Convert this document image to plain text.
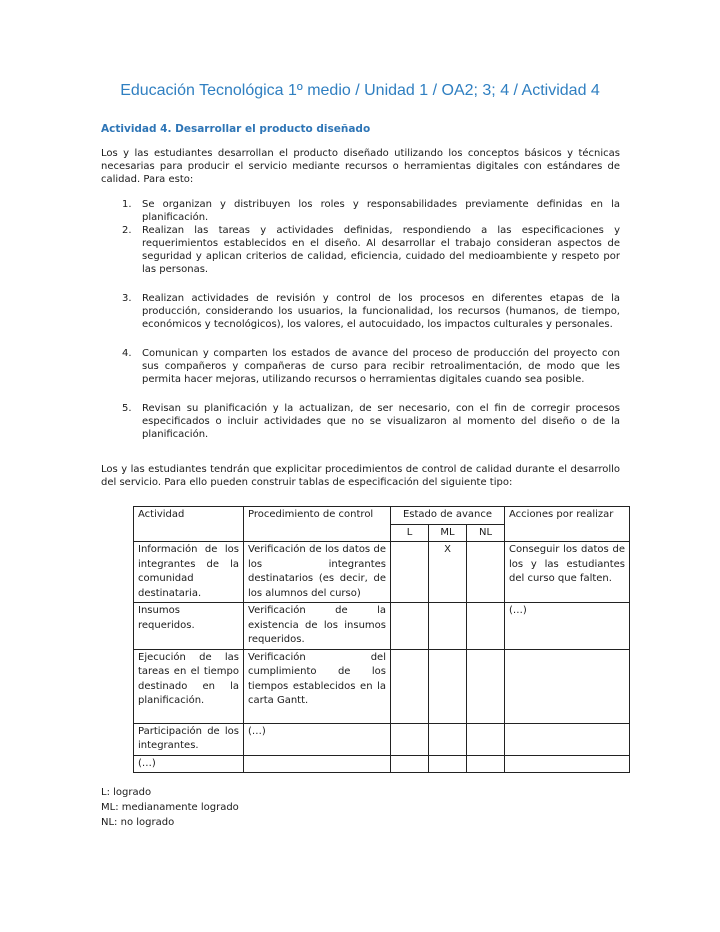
Educación Tecnológica 1º medio / Unidad 1 / OA2; 3; 4 / Actividad 4
Actividad 4. Desarrollar el producto diseñado

Los y las estudiantes desarrollan el producto diseñado utilizando los conceptos básicos y técnicas necesarias para producir el servicio mediante recursos o herramientas digitales con estándares de calidad. Para esto:

1. Se organizan y distribuyen los roles y responsabilidades previamente definidas en la planificación.
2. Realizan las tareas y actividades definidas, respondiendo a las especificaciones y requerimientos establecidos en el diseño. Al desarrollar el trabajo consideran aspectos de seguridad y aplican criterios de calidad, eficiencia, cuidado del medioambiente y respeto por las personas.
3. Realizan actividades de revisión y control de los procesos en diferentes etapas de la producción, considerando los usuarios, la funcionalidad, los recursos (humanos, de tiempo, económicos y tecnológicos), los valores, el autocuidado, los impactos culturales y personales.
4. Comunican y comparten los estados de avance del proceso de producción del proyecto con sus compañeros y compañeras de curso para recibir retroalimentación, de modo que les permita hacer mejoras, utilizando recursos o herramientas digitales cuando sea posible.
5. Revisan su planificación y la actualizan, de ser necesario, con el fin de corregir procesos especificados o incluir actividades que no se visualizaron al momento del diseño o de la planificación.

Los y las estudiantes tendrán que explicitar procedimientos de control de calidad durante el desarrollo del servicio. Para ello pueden construir tablas de especificación del siguiente tipo:

Actividad	Procedimiento de control	Estado de avance			Acciones por realizar
		L	ML	NL	
Información de los integrantes de la comunidad destinataria.	Verificación de los datos de los integrantes destinatarios (es decir, de los alumnos del curso)		X		Conseguir los datos de los y las estudiantes del curso que falten.
Insumos requeridos.	Verificación de la existencia de los insumos requeridos.				(…)
Ejecución de las tareas en el tiempo destinado en la planificación.	Verificación del cumplimiento de los tiempos establecidos en la carta Gantt.				
Participación de los integrantes.	(…)				
(…)					
L: logrado
ML: medianamente logrado
NL: no logrado
